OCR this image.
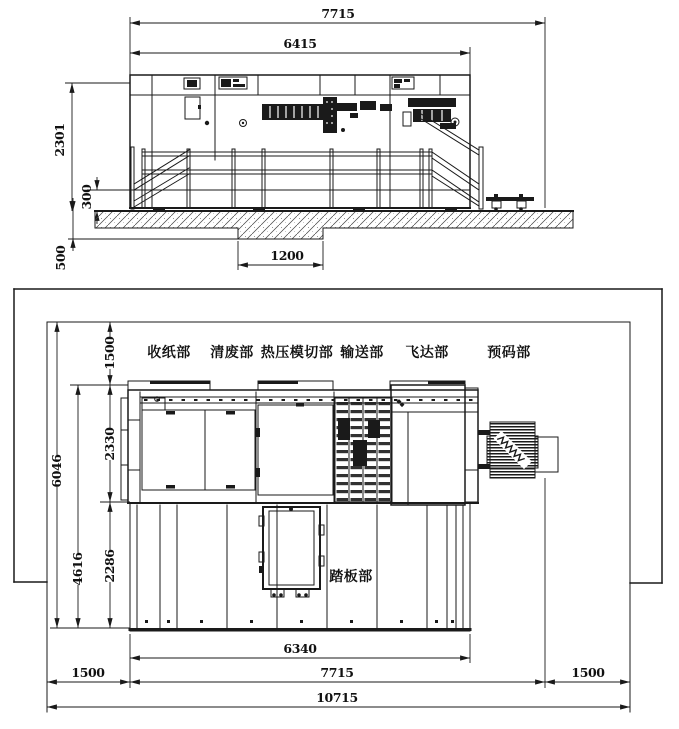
7715
6415
2301
300
500	1200
收纸部 清废部 热压模切部 输送部 飞达部	预码部
6046
4616
1500
2330
2286	踏板部
6340
7715
1500	1500
10715
